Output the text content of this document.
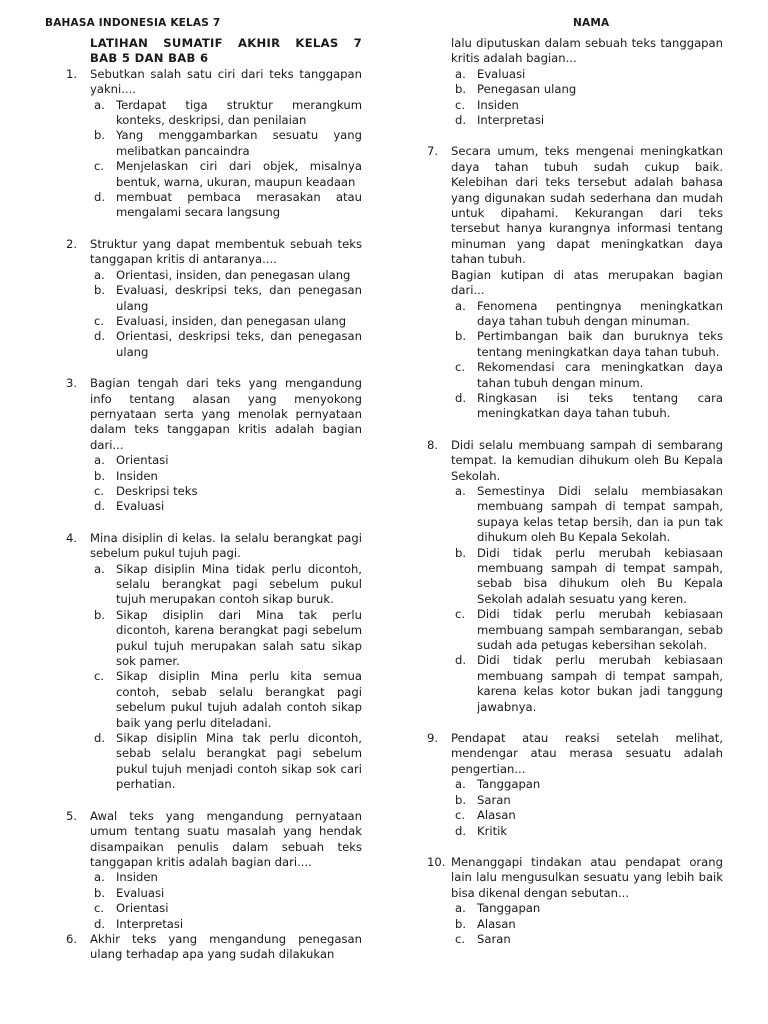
BAHASA INDONESIA KELAS 7	NAMA
LATIHAN SUMATIF AKHIR KELAS 7
BAB 5 DAN BAB 6
1. Sebutkan salah satu ciri dari teks tanggapan yakni....
a. Terdapat tiga struktur merangkum konteks, deskripsi, dan penilaian
b. Yang menggambarkan sesuatu yang melibatkan pancaindra
c. Menjelaskan ciri dari objek, misalnya bentuk, warna, ukuran, maupun keadaan
d. membuat pembaca merasakan atau mengalami secara langsung
2. Struktur yang dapat membentuk sebuah teks tanggapan kritis di antaranya....
a. Orientasi, insiden, dan penegasan ulang
b. Evaluasi, deskripsi teks, dan penegasan ulang
c. Evaluasi, insiden, dan penegasan ulang
d. Orientasi, deskripsi teks, dan penegasan ulang
3. Bagian tengah dari teks yang mengandung info tentang alasan yang menyokong pernyataan serta yang menolak pernyataan dalam teks tanggapan kritis adalah bagian dari...
a. Orientasi
b. Insiden
c. Deskripsi teks
d. Evaluasi
4. Mina disiplin di kelas. Ia selalu berangkat pagi sebelum pukul tujuh pagi.
a. Sikap disiplin Mina tidak perlu dicontoh, selalu berangkat pagi sebelum pukul tujuh merupakan contoh sikap buruk.
b. Sikap disiplin dari Mina tak perlu dicontoh, karena berangkat pagi sebelum pukul tujuh merupakan salah satu sikap sok pamer.
c. Sikap disiplin Mina perlu kita semua contoh, sebab selalu berangkat pagi sebelum pukul tujuh adalah contoh sikap baik yang perlu diteladani.
d. Sikap disiplin Mina tak perlu dicontoh, sebab selalu berangkat pagi sebelum pukul tujuh menjadi contoh sikap sok cari perhatian.
5. Awal teks yang mengandung pernyataan umum tentang suatu masalah yang hendak disampaikan penulis dalam sebuah teks tanggapan kritis adalah bagian dari....
a. Insiden
b. Evaluasi
c. Orientasi
d. Interpretasi
6. Akhir teks yang mengandung penegasan ulang terhadap apa yang sudah dilakukan
lalu diputuskan dalam sebuah teks tanggapan kritis adalah bagian...
a. Evaluasi
b. Penegasan ulang
c. Insiden
d. Interpretasi
7. Secara umum, teks mengenai meningkatkan daya tahan tubuh sudah cukup baik. Kelebihan dari teks tersebut adalah bahasa yang digunakan sudah sederhana dan mudah untuk dipahami. Kekurangan dari teks tersebut hanya kurangnya informasi tentang minuman yang dapat meningkatkan daya tahan tubuh.
Bagian kutipan di atas merupakan bagian dari...
a. Fenomena pentingnya meningkatkan daya tahan tubuh dengan minuman.
b. Pertimbangan baik dan buruknya teks tentang meningkatkan daya tahan tubuh.
c. Rekomendasi cara meningkatkan daya tahan tubuh dengan minum.
d. Ringkasan isi teks tentang cara meningkatkan daya tahan tubuh.
8. Didi selalu membuang sampah di sembarang tempat. Ia kemudian dihukum oleh Bu Kepala Sekolah.
a. Semestinya Didi selalu membiasakan membuang sampah di tempat sampah, supaya kelas tetap bersih, dan ia pun tak dihukum oleh Bu Kepala Sekolah.
b. Didi tidak perlu merubah kebiasaan membuang sampah di tempat sampah, sebab bisa dihukum oleh Bu Kepala Sekolah adalah sesuatu yang keren.
c. Didi tidak perlu merubah kebiasaan membuang sampah sembarangan, sebab sudah ada petugas kebersihan sekolah.
d. Didi tidak perlu merubah kebiasaan membuang sampah di tempat sampah, karena kelas kotor bukan jadi tanggung jawabnya.
9. Pendapat atau reaksi setelah melihat, mendengar atau merasa sesuatu adalah pengertian...
a. Tanggapan
b. Saran
c. Alasan
d. Kritik
10. Menanggapi tindakan atau pendapat orang lain lalu mengusulkan sesuatu yang lebih baik bisa dikenal dengan sebutan...
a. Tanggapan
b. Alasan
c. Saran
